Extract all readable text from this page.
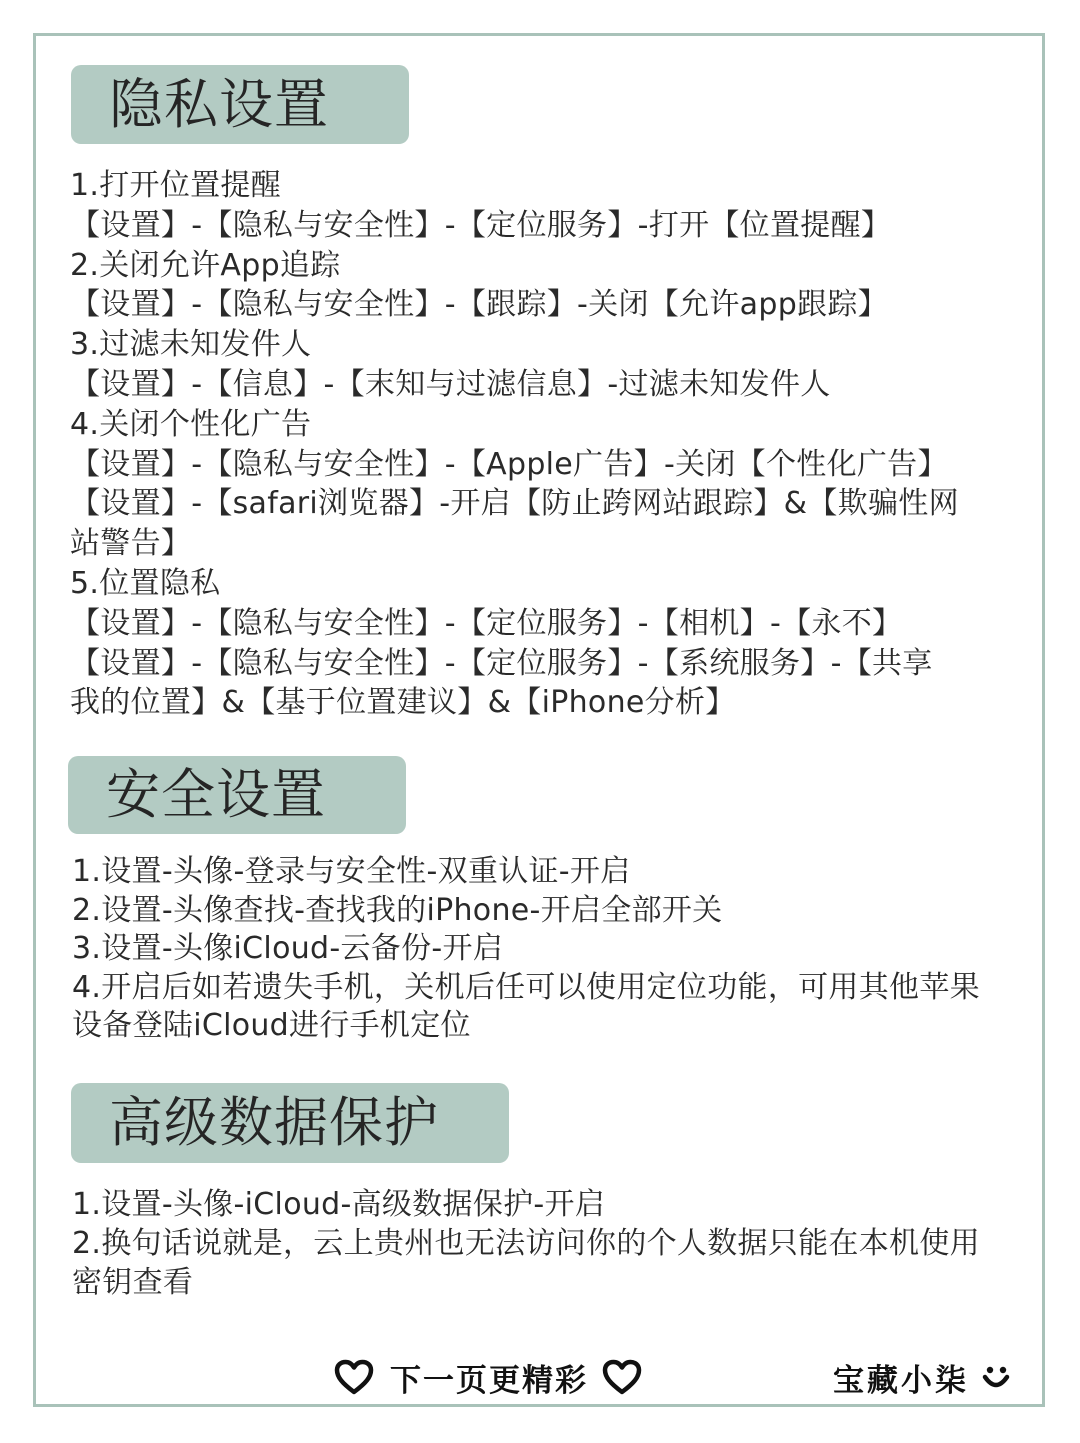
隐私设置
1.打开位置提醒
【设置】-【隐私与安全性】-【定位服务】-打开【位置提醒】
2.关闭允许App追踪
【设置】-【隐私与安全性】-【跟踪】-关闭【允许app跟踪】
3.过滤未知发件人
【设置】-【信息】-【末知与过滤信息】-过滤未知发件人
4.关闭个性化广告
【设置】-【隐私与安全性】-【Apple广告】-关闭【个性化广告】
【设置】-【safari浏览器】-开启【防止跨网站跟踪】&【欺骗性网
站警告】
5.位置隐私
【设置】-【隐私与安全性】-【定位服务】-【相机】-【永不】
【设置】-【隐私与安全性】-【定位服务】-【系统服务】-【共享
我的位置】&【基于位置建议】&【iPhone分析】
安全设置
1.设置-头像-登录与安全性-双重认证-开启
2.设置-头像查找-查找我的iPhone-开启全部开关
3.设置-头像iCloud-云备份-开启
4.开启后如若遗失手机，关机后任可以使用定位功能，可用其他苹果
设备登陆iCloud进行手机定位
高级数据保护
1.设置-头像-iCloud-高级数据保护-开启
2.换句话说就是，云上贵州也无法访问你的个人数据只能在本机使用
密钥查看
下一页更精彩	宝藏小柒
